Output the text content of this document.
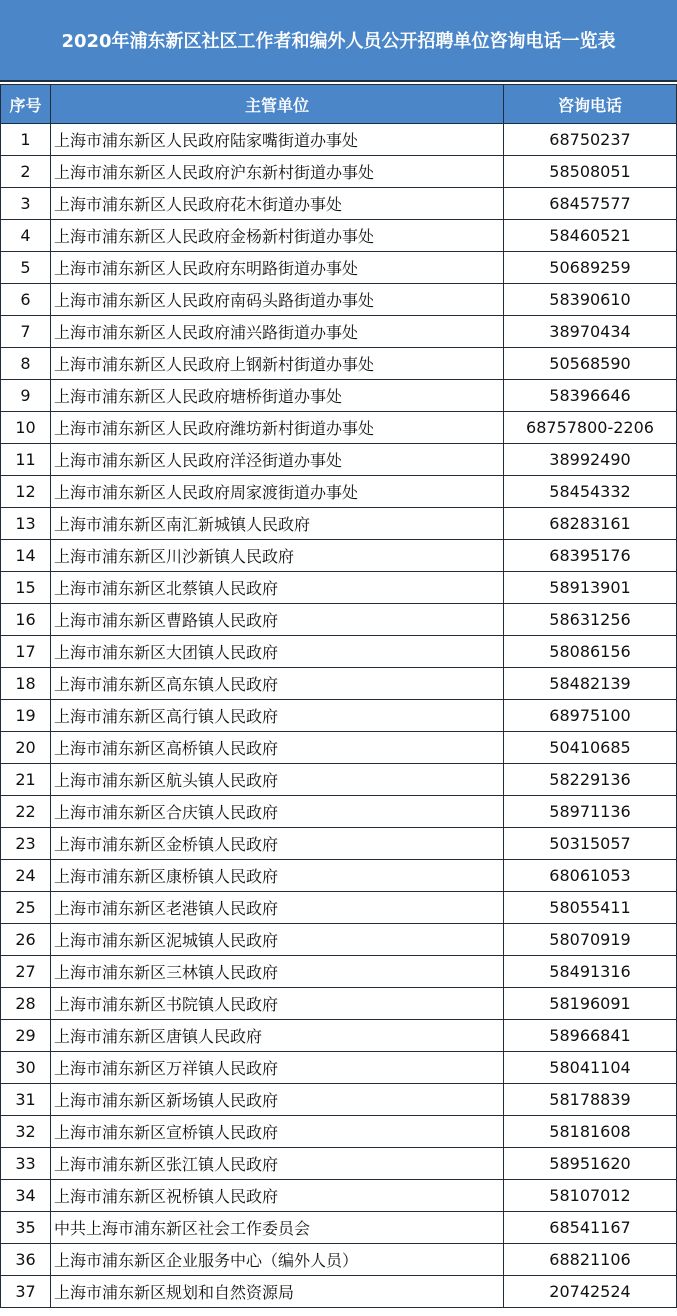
2020年浦东新区社区工作者和编外人员公开招聘单位咨询电话一览表
序号	主管单位	咨询电话
1	上海市浦东新区人民政府陆家嘴街道办事处	68750237
2	上海市浦东新区人民政府沪东新村街道办事处	58508051
3	上海市浦东新区人民政府花木街道办事处	68457577
4	上海市浦东新区人民政府金杨新村街道办事处	58460521
5	上海市浦东新区人民政府东明路街道办事处	50689259
6	上海市浦东新区人民政府南码头路街道办事处	58390610
7	上海市浦东新区人民政府浦兴路街道办事处	38970434
8	上海市浦东新区人民政府上钢新村街道办事处	50568590
9	上海市浦东新区人民政府塘桥街道办事处	58396646
10	上海市浦东新区人民政府潍坊新村街道办事处	68757800-2206
11	上海市浦东新区人民政府洋泾街道办事处	38992490
12	上海市浦东新区人民政府周家渡街道办事处	58454332
13	上海市浦东新区南汇新城镇人民政府	68283161
14	上海市浦东新区川沙新镇人民政府	68395176
15	上海市浦东新区北蔡镇人民政府	58913901
16	上海市浦东新区曹路镇人民政府	58631256
17	上海市浦东新区大团镇人民政府	58086156
18	上海市浦东新区高东镇人民政府	58482139
19	上海市浦东新区高行镇人民政府	68975100
20	上海市浦东新区高桥镇人民政府	50410685
21	上海市浦东新区航头镇人民政府	58229136
22	上海市浦东新区合庆镇人民政府	58971136
23	上海市浦东新区金桥镇人民政府	50315057
24	上海市浦东新区康桥镇人民政府	68061053
25	上海市浦东新区老港镇人民政府	58055411
26	上海市浦东新区泥城镇人民政府	58070919
27	上海市浦东新区三林镇人民政府	58491316
28	上海市浦东新区书院镇人民政府	58196091
29	上海市浦东新区唐镇人民政府	58966841
30	上海市浦东新区万祥镇人民政府	58041104
31	上海市浦东新区新场镇人民政府	58178839
32	上海市浦东新区宣桥镇人民政府	58181608
33	上海市浦东新区张江镇人民政府	58951620
34	上海市浦东新区祝桥镇人民政府	58107012
35	中共上海市浦东新区社会工作委员会	68541167
36	上海市浦东新区企业服务中心（编外人员）	68821106
37	上海市浦东新区规划和自然资源局	20742524
